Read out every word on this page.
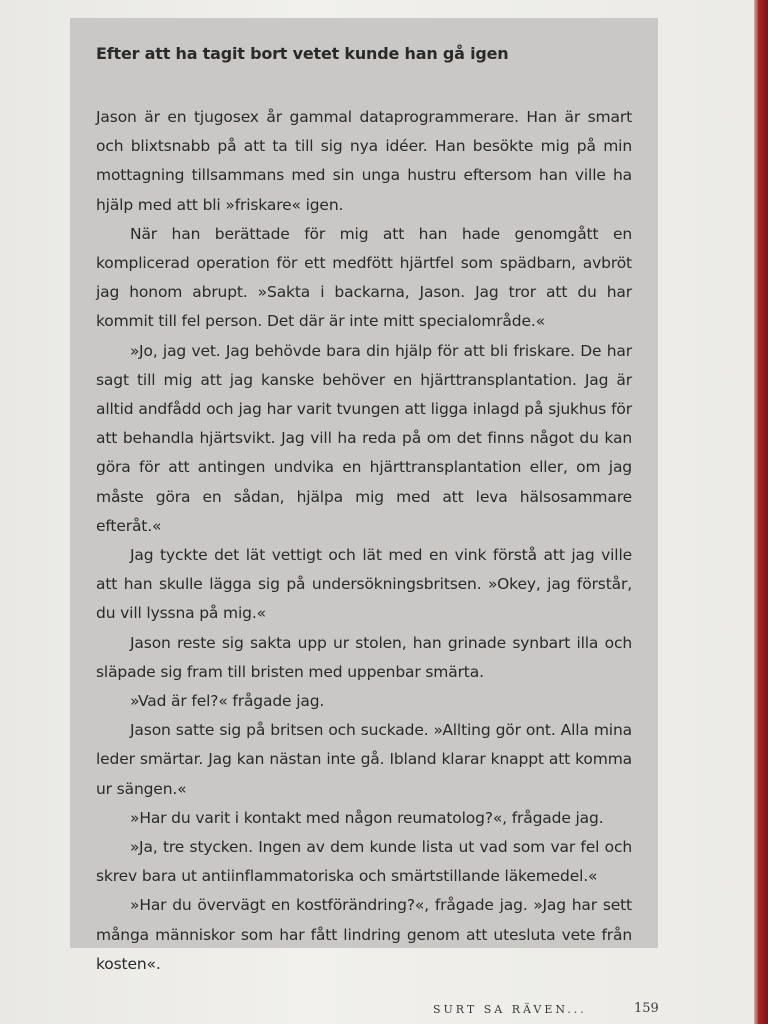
Efter att ha tagit bort vetet kunde han gå igen

Jason är en tjugosex år gammal dataprogrammerare. Han är smart och blixtsnabb på att ta till sig nya idéer. Han besökte mig på min mottagning tillsammans med sin unga hustru eftersom han ville ha hjälp med att bli »friskare« igen.

När han berättade för mig att han hade genomgått en komplicerad operation för ett medfött hjärtfel som spädbarn, avbröt jag honom abrupt. »Sakta i backarna, Jason. Jag tror att du har kommit till fel person. Det där är inte mitt specialområde.«

»Jo, jag vet. Jag behövde bara din hjälp för att bli friskare. De har sagt till mig att jag kanske behöver en hjärttransplantation. Jag är alltid andfådd och jag har varit tvungen att ligga inlagd på sjukhus för att behandla hjärtsvikt. Jag vill ha reda på om det finns något du kan göra för att antingen undvika en hjärttransplantation eller, om jag måste göra en sådan, hjälpa mig med att leva hälsosammare efteråt.«

Jag tyckte det lät vettigt och lät med en vink förstå att jag ville att han skulle lägga sig på undersökningsbritsen. »Okey, jag förstår, du vill lyssna på mig.«

Jason reste sig sakta upp ur stolen, han grinade synbart illa och släpade sig fram till bristen med uppenbar smärta.

»Vad är fel?« frågade jag.

Jason satte sig på britsen och suckade. »Allting gör ont. Alla mina leder smärtar. Jag kan nästan inte gå. Ibland klarar knappt att komma ur sängen.«

»Har du varit i kontakt med någon reumatolog?«, frågade jag.

»Ja, tre stycken. Ingen av dem kunde lista ut vad som var fel och skrev bara ut antiinflammatoriska och smärtstillande läkemedel.«

»Har du övervägt en kostförändring?«, frågade jag. »Jag har sett många människor som har fått lindring genom att utesluta vete från kosten«.

SURT SA RÄVEN...	159
